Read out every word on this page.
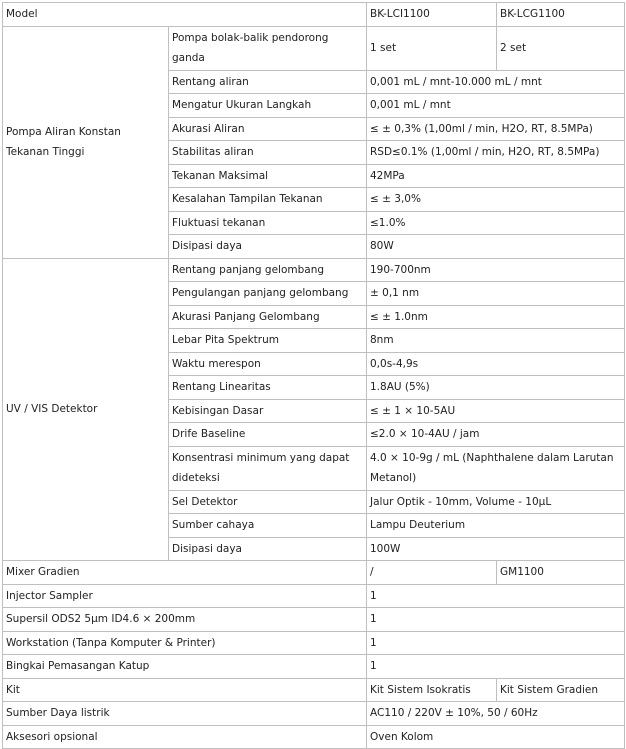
Model		BK-LCI1100	BK-LCG1100
Pompa Aliran Konstan Tekanan Tinggi	Pompa bolak-balik pendorong ganda	1 set	2 set
	Rentang aliran	0,001 mL / mnt-10.000 mL / mnt	
	Mengatur Ukuran Langkah	0,001 mL / mnt	
	Akurasi Aliran	≤ ± 0,3% (1,00ml / min, H2O, RT, 8.5MPa)	
	Stabilitas aliran	RSD≤0.1% (1,00ml / min, H2O, RT, 8.5MPa)	
	Tekanan Maksimal	42MPa	
	Kesalahan Tampilan Tekanan	≤ ± 3,0%	
	Fluktuasi tekanan	≤1.0%	
	Disipasi daya	80W	
UV / VIS Detektor	Rentang panjang gelombang	190-700nm	
	Pengulangan panjang gelombang	± 0,1 nm	
	Akurasi Panjang Gelombang	≤ ± 1.0nm	
	Lebar Pita Spektrum	8nm	
	Waktu merespon	0,0s-4,9s	
	Rentang Linearitas	1.8AU (5%)	
	Kebisingan Dasar	≤ ± 1 × 10-5AU	
	Drife Baseline	≤2.0 × 10-4AU / jam	
	Konsentrasi minimum yang dapat dideteksi	4.0 × 10-9g / mL (Naphthalene dalam Larutan Metanol)	
	Sel Detektor	Jalur Optik - 10mm, Volume - 10μL	
	Sumber cahaya	Lampu Deuterium	
	Disipasi daya	100W	
Mixer Gradien		/	GM1100
Injector Sampler		1	
Supersil ODS2 5μm ID4.6 × 200mm		1	
Workstation (Tanpa Komputer & Printer)		1	
Bingkai Pemasangan Katup		1	
Kit		Kit Sistem Isokratis	Kit Sistem Gradien
Sumber Daya listrik		AC110 / 220V ± 10%, 50 / 60Hz	
Aksesori opsional		Oven Kolom	
